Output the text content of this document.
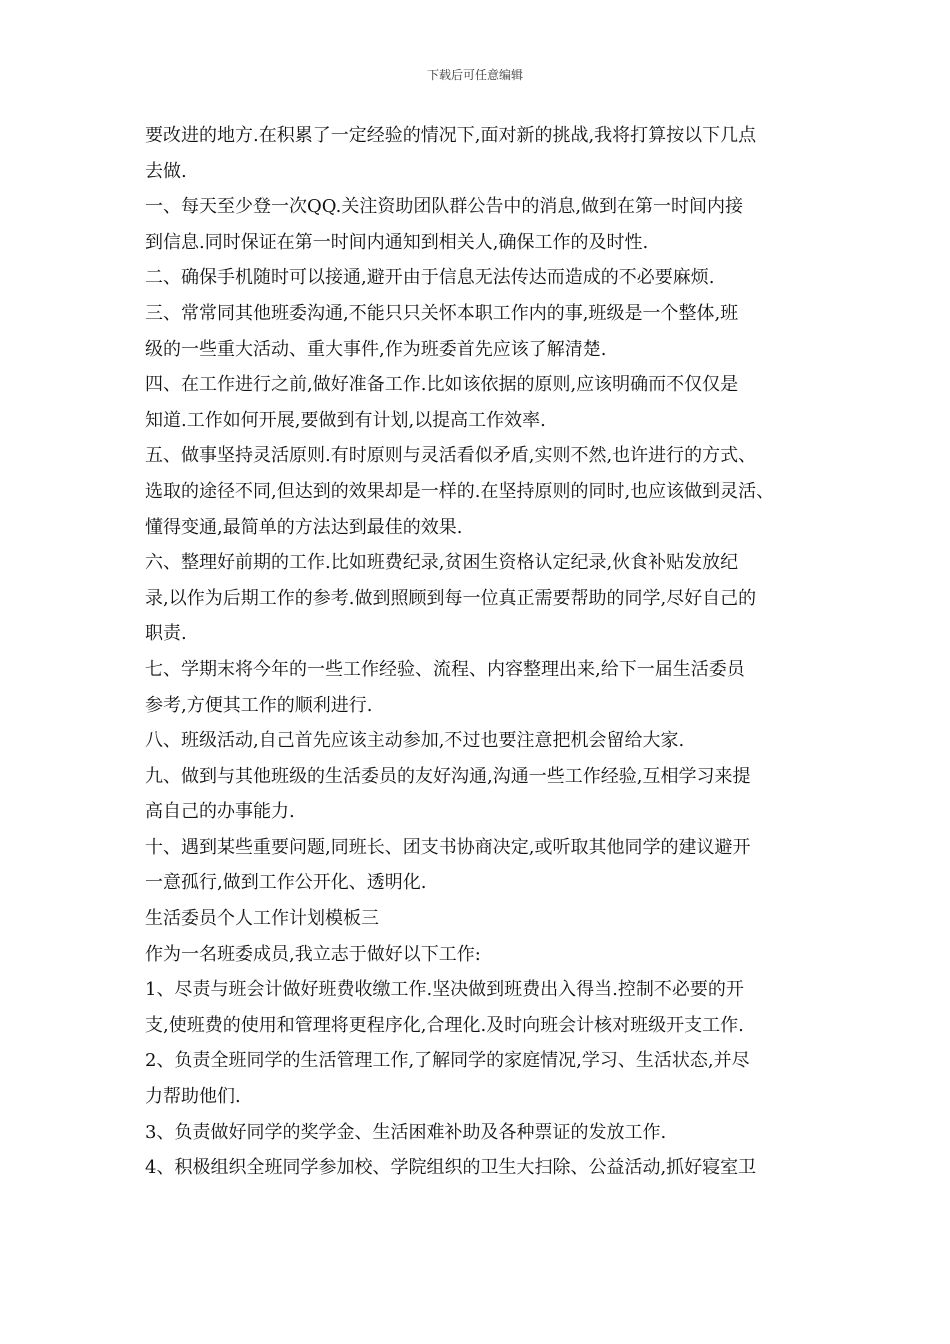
下载后可任意编辑
要改进的地方.在积累了一定经验的情况下,面对新的挑战,我将打算按以下几点
去做.
一、每天至少登一次QQ.关注资助团队群公告中的消息,做到在第一时间内接
到信息.同时保证在第一时间内通知到相关人,确保工作的及时性.
二、确保手机随时可以接通,避开由于信息无法传达而造成的不必要麻烦.
三、常常同其他班委沟通,不能只只关怀本职工作内的事,班级是一个整体,班
级的一些重大活动、重大事件,作为班委首先应该了解清楚.
四、在工作进行之前,做好准备工作.比如该依据的原则,应该明确而不仅仅是
知道.工作如何开展,要做到有计划,以提高工作效率.
五、做事坚持灵活原则.有时原则与灵活看似矛盾,实则不然,也许进行的方式、
选取的途径不同,但达到的效果却是一样的.在坚持原则的同时,也应该做到灵活、
懂得变通,最简单的方法达到最佳的效果.
六、整理好前期的工作.比如班费纪录,贫困生资格认定纪录,伙食补贴发放纪
录,以作为后期工作的参考.做到照顾到每一位真正需要帮助的同学,尽好自己的
职责.
七、学期末将今年的一些工作经验、流程、内容整理出来,给下一届生活委员
参考,方便其工作的顺利进行.
八、班级活动,自己首先应该主动参加,不过也要注意把机会留给大家.
九、做到与其他班级的生活委员的友好沟通,沟通一些工作经验,互相学习来提
高自己的办事能力.
十、遇到某些重要问题,同班长、团支书协商决定,或听取其他同学的建议避开
一意孤行,做到工作公开化、透明化.
生活委员个人工作计划模板三
作为一名班委成员,我立志于做好以下工作:
1、尽责与班会计做好班费收缴工作.坚决做到班费出入得当.控制不必要的开
支,使班费的使用和管理将更程序化,合理化.及时向班会计核对班级开支工作.
2、负责全班同学的生活管理工作,了解同学的家庭情况,学习、生活状态,并尽
力帮助他们.
3、负责做好同学的奖学金、生活困难补助及各种票证的发放工作.
4、积极组织全班同学参加校、学院组织的卫生大扫除、公益活动,抓好寝室卫
